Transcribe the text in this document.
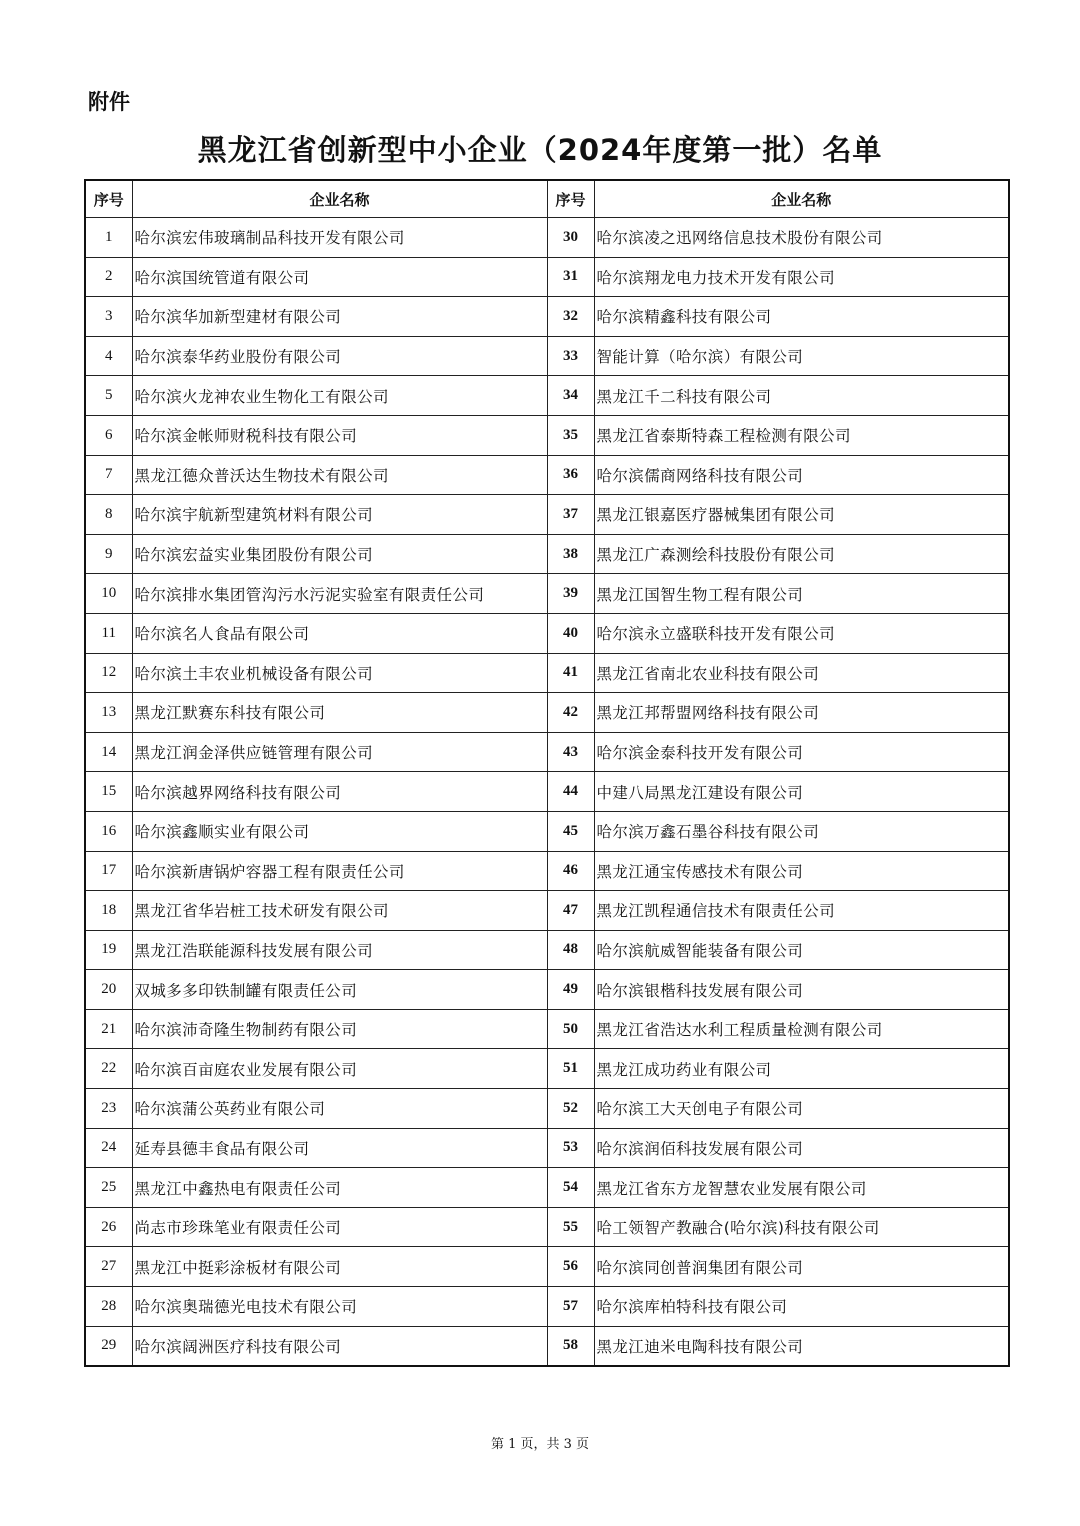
附件
黑龙江省创新型中小企业（2024年度第一批）名单
序号	企业名称	序号	企业名称
1	哈尔滨宏伟玻璃制品科技开发有限公司	30	哈尔滨凌之迅网络信息技术股份有限公司
2	哈尔滨国统管道有限公司	31	哈尔滨翔龙电力技术开发有限公司
3	哈尔滨华加新型建材有限公司	32	哈尔滨精鑫科技有限公司
4	哈尔滨泰华药业股份有限公司	33	智能计算（哈尔滨）有限公司
5	哈尔滨火龙神农业生物化工有限公司	34	黑龙江千二科技有限公司
6	哈尔滨金帐师财税科技有限公司	35	黑龙江省泰斯特森工程检测有限公司
7	黑龙江德众普沃达生物技术有限公司	36	哈尔滨儒商网络科技有限公司
8	哈尔滨宇航新型建筑材料有限公司	37	黑龙江银嘉医疗器械集团有限公司
9	哈尔滨宏益实业集团股份有限公司	38	黑龙江广森测绘科技股份有限公司
10	哈尔滨排水集团管沟污水污泥实验室有限责任公司	39	黑龙江国智生物工程有限公司
11	哈尔滨名人食品有限公司	40	哈尔滨永立盛联科技开发有限公司
12	哈尔滨土丰农业机械设备有限公司	41	黑龙江省南北农业科技有限公司
13	黑龙江默赛东科技有限公司	42	黑龙江邦帮盟网络科技有限公司
14	黑龙江润金泽供应链管理有限公司	43	哈尔滨金泰科技开发有限公司
15	哈尔滨越界网络科技有限公司	44	中建八局黑龙江建设有限公司
16	哈尔滨鑫顺实业有限公司	45	哈尔滨万鑫石墨谷科技有限公司
17	哈尔滨新唐锅炉容器工程有限责任公司	46	黑龙江通宝传感技术有限公司
18	黑龙江省华岩桩工技术研发有限公司	47	黑龙江凯程通信技术有限责任公司
19	黑龙江浩联能源科技发展有限公司	48	哈尔滨航威智能装备有限公司
20	双城多多印铁制罐有限责任公司	49	哈尔滨银楷科技发展有限公司
21	哈尔滨沛奇隆生物制药有限公司	50	黑龙江省浩达水利工程质量检测有限公司
22	哈尔滨百亩庭农业发展有限公司	51	黑龙江成功药业有限公司
23	哈尔滨蒲公英药业有限公司	52	哈尔滨工大天创电子有限公司
24	延寿县德丰食品有限公司	53	哈尔滨润佰科技发展有限公司
25	黑龙江中鑫热电有限责任公司	54	黑龙江省东方龙智慧农业发展有限公司
26	尚志市珍珠笔业有限责任公司	55	哈工领智产教融合(哈尔滨)科技有限公司
27	黑龙江中挺彩涂板材有限公司	56	哈尔滨同创普润集团有限公司
28	哈尔滨奥瑞德光电技术有限公司	57	哈尔滨库柏特科技有限公司
29	哈尔滨阔洲医疗科技有限公司	58	黑龙江迪米电陶科技有限公司
第 1 页，共 3 页
